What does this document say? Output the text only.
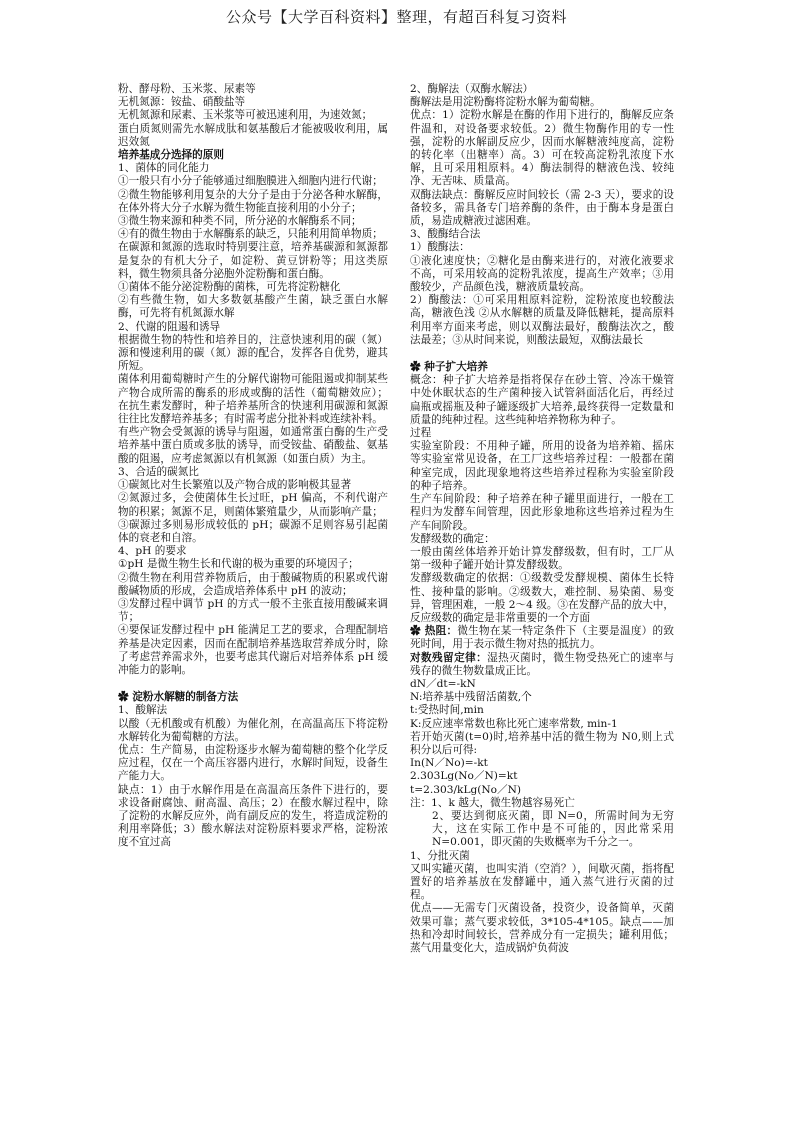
公众号【大学百科资料】整理，有超百科复习资料

粉、酵母粉、玉米浆、尿素等

无机氮源：铵盐、硝酸盐等

无机氮源和尿素、玉米浆等可被迅速利用，为速效氮；

蛋白质氮则需先水解成肽和氨基酸后才能被吸收利用，属迟效氮

培养基成分选择的原则

1、菌体的同化能力

①一般只有小分子能够通过细胞膜进入细胞内进行代谢；

②微生物能够利用复杂的大分子是由于分泌各种水解酶，在体外将大分子水解为微生物能直接利用的小分子；

③微生物来源和种类不同，所分泌的水解酶系不同；

④有的微生物由于水解酶系的缺乏，只能利用简单物质；

在碳源和氮源的选取时特别要注意，培养基碳源和氮源都是复杂的有机大分子，如淀粉、黄豆饼粉等；用这类原料，微生物须具备分泌胞外淀粉酶和蛋白酶。

①菌体不能分泌淀粉酶的菌株，可先将淀粉糖化

②有些微生物，如大多数氨基酸产生菌，缺乏蛋白水解酶，可先将有机氮源水解

2、代谢的阻遏和诱导

根据微生物的特性和培养目的，注意快速利用的碳（氮）源和慢速利用的碳（氮）源的配合，发挥各自优势，避其所短。

菌体利用葡萄糖时产生的分解代谢物可能阻遏或抑制某些产物合成所需的酶系的形成或酶的活性（葡萄糖效应）；在抗生素发酵时，种子培养基所含的快速利用碳源和氮源往往比发酵培养基多；有时需考虑分批补料或连续补料。

有些产物会受氮源的诱导与阻遏，如通常蛋白酶的生产受培养基中蛋白质或多肽的诱导，而受铵盐、硝酸盐、氨基酸的阻遏，应考虑氮源以有机氮源（如蛋白质）为主。

3、合适的碳氮比

①碳氮比对生长繁殖以及产物合成的影响极其显著

②氮源过多，会使菌体生长过旺，pH 偏高，不利代谢产物的积累；氮源不足，则菌体繁殖量少，从而影响产量；

③碳源过多则易形成较低的 pH；碳源不足则容易引起菌体的衰老和自溶。

4、pH 的要求

①pH 是微生物生长和代谢的极为重要的环境因子；

②微生物在利用营养物质后，由于酸碱物质的积累或代谢酸碱物质的形成，会造成培养体系中 pH 的波动；

③发酵过程中调节 pH 的方式一般不主张直接用酸碱来调节；

④要保证发酵过程中 pH 能满足工艺的要求，合理配制培养基是决定因素，因而在配制培养基选取营养成分时，除了考虑营养需求外，也要考虑其代谢后对培养体系 pH 缓冲能力的影响。

✿ 淀粉水解糖的制备方法

1、酸解法

以酸（无机酸或有机酸）为催化剂，在高温高压下将淀粉水解转化为葡萄糖的方法。

优点：生产简易，由淀粉逐步水解为葡萄糖的整个化学反应过程，仅在一个高压容器内进行，水解时间短，设备生产能力大。

缺点：1）由于水解作用是在高温高压条件下进行的，要求设备耐腐蚀、耐高温、高压；2）在酸水解过程中，除了淀粉的水解反应外，尚有副反应的发生，将造成淀粉的利用率降低；3）酸水解法对淀粉原料要求严格，淀粉浓度不宜过高

2、酶解法（双酶水解法）

酶解法是用淀粉酶将淀粉水解为葡萄糖。

优点：1）淀粉水解是在酶的作用下进行的，酶解反应条件温和，对设备要求较低。2）微生物酶作用的专一性强，淀粉的水解副反应少，因而水解糖液纯度高，淀粉的转化率（出糖率）高。3）可在较高淀粉乳浓度下水解，且可采用粗原料。4）酶法制得的糖液色浅、较纯净、无苦味、质量高。

双酶法缺点：酶解反应时间较长（需 2-3 天），要求的设备较多，需具备专门培养酶的条件，由于酶本身是蛋白质，易造成糖液过滤困难。

3、酸酶结合法

1）酸酶法：

①液化速度快；②糖化是由酶来进行的，对液化液要求不高，可采用较高的淀粉乳浓度，提高生产效率；③用酸较少，产品颜色浅，糖液质量较高。

2）酶酸法：①可采用粗原料淀粉，淀粉浓度也较酸法高，糖液色浅 ②从水解糖的质量及降低糖耗，提高原料利用率方面来考虑，则以双酶法最好，酸酶法次之，酸法最差；③从时间来说，则酸法最短，双酶法最长

✿ 种子扩大培养

概念：种子扩大培养是指将保存在砂土管、冷冻干燥管中处休眠状态的生产菌种接入试管斜面活化后，再经过扁瓶或摇瓶及种子罐逐级扩大培养,最终获得一定数量和质量的纯种过程。这些纯种培养物称为种子。

过程

实验室阶段：不用种子罐，所用的设备为培养箱、摇床等实验室常见设备，在工厂这些培养过程：一般都在菌种室完成，因此现象地将这些培养过程称为实验室阶段的种子培养。

生产车间阶段：种子培养在种子罐里面进行，一般在工程归为发酵车间管理，因此形象地称这些培养过程为生产车间阶段。

发酵级数的确定：

一般由菌丝体培养开始计算发酵级数，但有时，工厂从第一级种子罐开始计算发酵级数。

发酵级数确定的依据：①级数受发酵规模、菌体生长特性、接种量的影响。②级数大，难控制、易染菌、易变异，管理困难，一般 2～4 级。③在发酵产品的放大中，反应级数的确定是非常重要的一个方面

✿ 热阻：微生物在某一特定条件下（主要是温度）的致死时间，用于表示微生物对热的抵抗力。

对数残留定律：湿热灭菌时，微生物受热死亡的速率与残存的微生物数量成正比。

dN／dt=-kN

N:培养基中残留活菌数,个

t:受热时间,min

K:反应速率常数也称比死亡速率常数, min-1

若开始灭菌(t=0)时,培养基中活的微生物为 N0,则上式积分以后可得:

In(N／No)=-kt

2.303Lg(No／N)=kt

t=2.303/kLg(No／N)

注：1、k 越大，微生物越容易死亡

2、要达到彻底灭菌，即 N=0，所需时间为无穷大，这在实际工作中是不可能的，因此常采用 N=0.001，即灭菌的失败概率为千分之一。

1、分批灭菌

又叫实罐灭菌，也叫实消（空消？），间歇灭菌，指将配置好的培养基放在发酵罐中，通入蒸气进行灭菌的过程。

优点——无需专门灭菌设备，投资少，设备简单，灭菌效果可靠；蒸气要求较低，3*105-4*105。缺点——加热和冷却时间较长，营养成分有一定损失；罐利用低；蒸气用量变化大，造成锅炉负荷波
